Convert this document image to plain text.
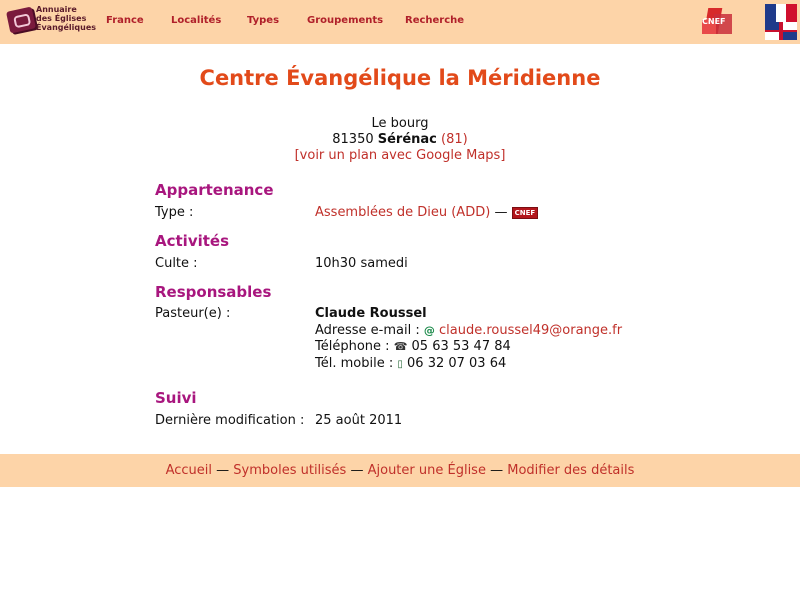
Annuaire des Églises Évangéliques
France	Localités	Types	Groupements Recherche	CNEF
Centre Évangélique la Méridienne
Le bourg
81350 Sérénac (81)
[voir un plan avec Google Maps]
Appartenance
Type :	Assemblées de Dieu (ADD) — CNEF
Activités
Culte :	10h30 samedi
Responsables
Pasteur(e) :	Claude Roussel
Adresse e-mail : @ claude.roussel49@orange.fr
Téléphone : ☎ 05 63 53 47 84
Tél. mobile : ▯ 06 32 07 03 64
Suivi
Dernière modification : 25 août 2011
Accueil — Symboles utilisés — Ajouter une Église — Modifier des détails
